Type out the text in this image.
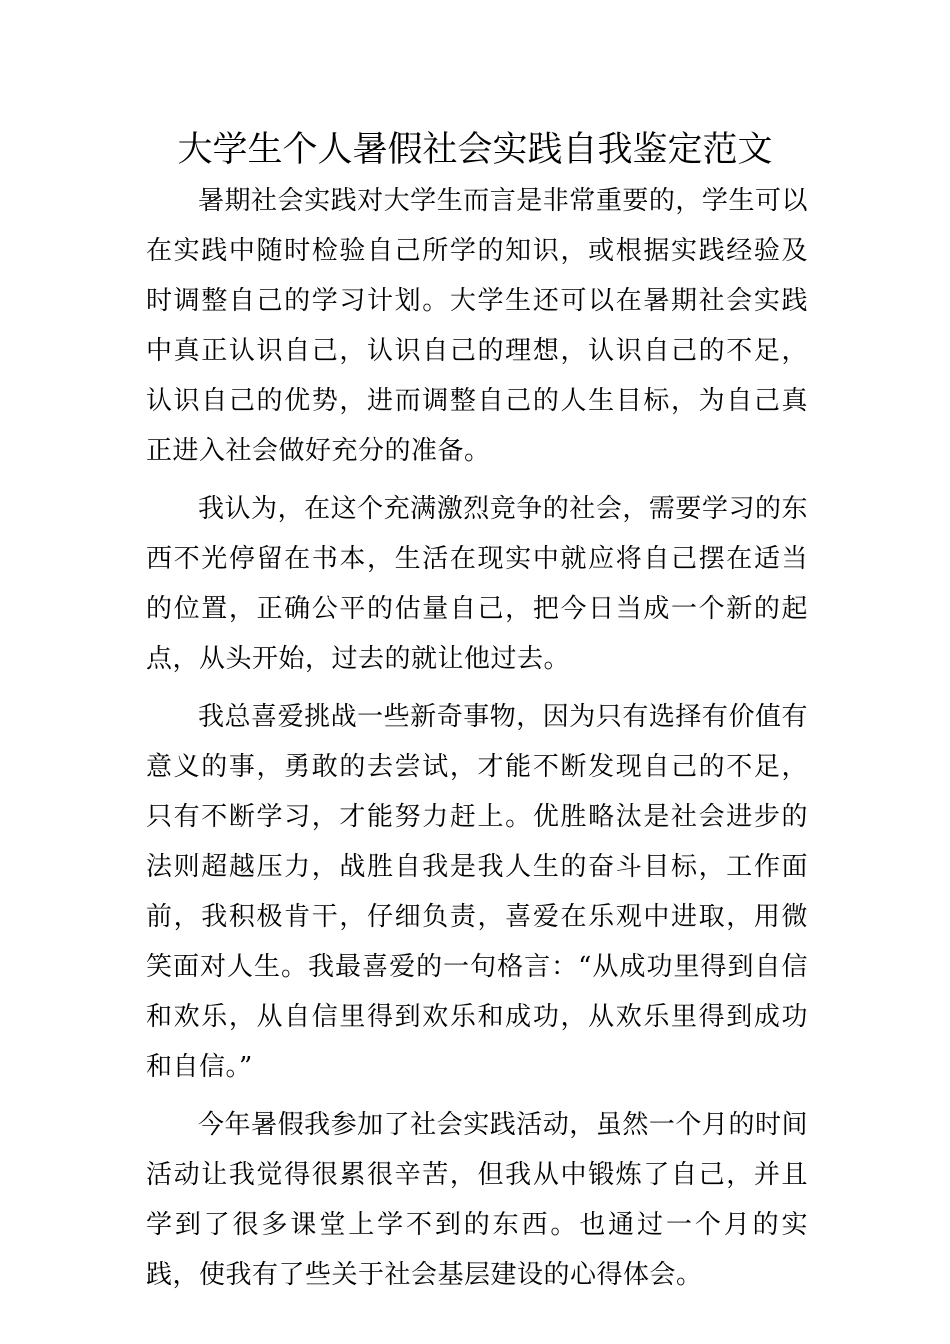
大学生个人暑假社会实践自我鉴定范文

暑期社会实践对大学生而言是非常重要的，学生可以在实践中随时检验自己所学的知识，或根据实践经验及时调整自己的学习计划。大学生还可以在暑期社会实践中真正认识自己，认识自己的理想，认识自己的不足，认识自己的优势，进而调整自己的人生目标，为自己真正进入社会做好充分的准备。

我认为，在这个充满激烈竞争的社会，需要学习的东西不光停留在书本，生活在现实中就应将自己摆在适当的位置，正确公平的估量自己，把今日当成一个新的起点，从头开始，过去的就让他过去。

我总喜爱挑战一些新奇事物，因为只有选择有价值有意义的事，勇敢的去尝试，才能不断发现自己的不足，只有不断学习，才能努力赶上。优胜略汰是社会进步的法则超越压力，战胜自我是我人生的奋斗目标，工作面前，我积极肯干，仔细负责，喜爱在乐观中进取，用微笑面对人生。我最喜爱的一句格言：“从成功里得到自信和欢乐，从自信里得到欢乐和成功，从欢乐里得到成功和自信。”

今年暑假我参加了社会实践活动，虽然一个月的时间活动让我觉得很累很辛苦，但我从中锻炼了自己，并且学到了很多课堂上学不到的东西。也通过一个月的实践，使我有了些关于社会基层建设的心得体会。
